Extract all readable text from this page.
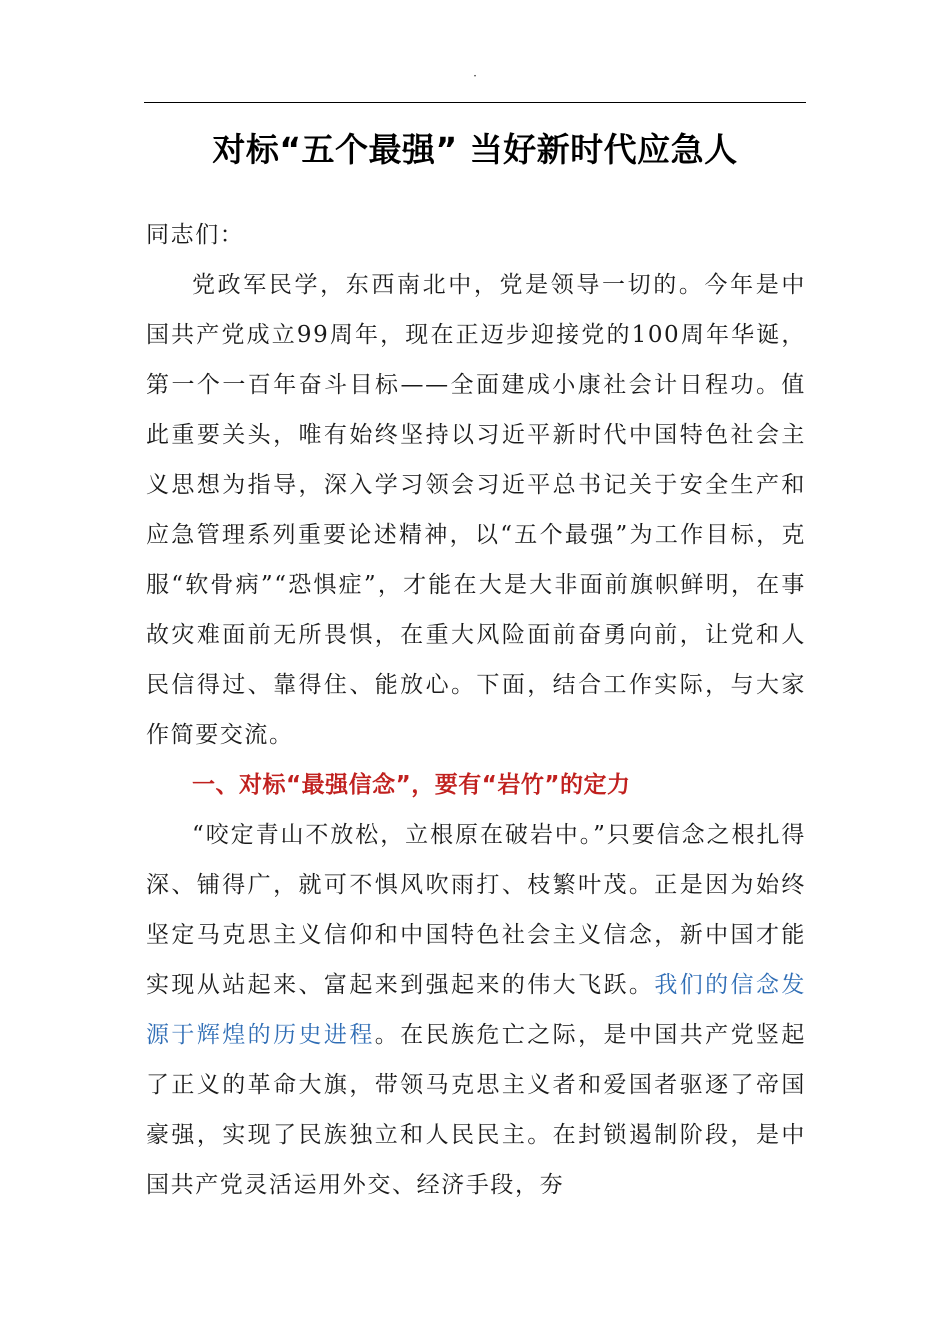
·
对标“五个最强” 当好新时代应急人

同志们：

党政军民学，东西南北中，党是领导一切的。今年是中国共产党成立99周年，现在正迈步迎接党的100周年华诞，第一个一百年奋斗目标——全面建成小康社会计日程功。值此重要关头，唯有始终坚持以习近平新时代中国特色社会主义思想为指导，深入学习领会习近平总书记关于安全生产和应急管理系列重要论述精神，以“五个最强”为工作目标，克服“软骨病”“恐惧症”，才能在大是大非面前旗帜鲜明，在事故灾难面前无所畏惧，在重大风险面前奋勇向前，让党和人民信得过、靠得住、能放心。下面，结合工作实际，与大家作简要交流。

一、对标“最强信念”，要有“岩竹”的定力

“咬定青山不放松，立根原在破岩中。”只要信念之根扎得深、铺得广，就可不惧风吹雨打、枝繁叶茂。正是因为始终坚定马克思主义信仰和中国特色社会主义信念，新中国才能实现从站起来、富起来到强起来的伟大飞跃。我们的信念发源于辉煌的历史进程。在民族危亡之际，是中国共产党竖起了正义的革命大旗，带领马克思主义者和爱国者驱逐了帝国豪强，实现了民族独立和人民民主。在封锁遏制阶段，是中国共产党灵活运用外交、经济手段，夯
